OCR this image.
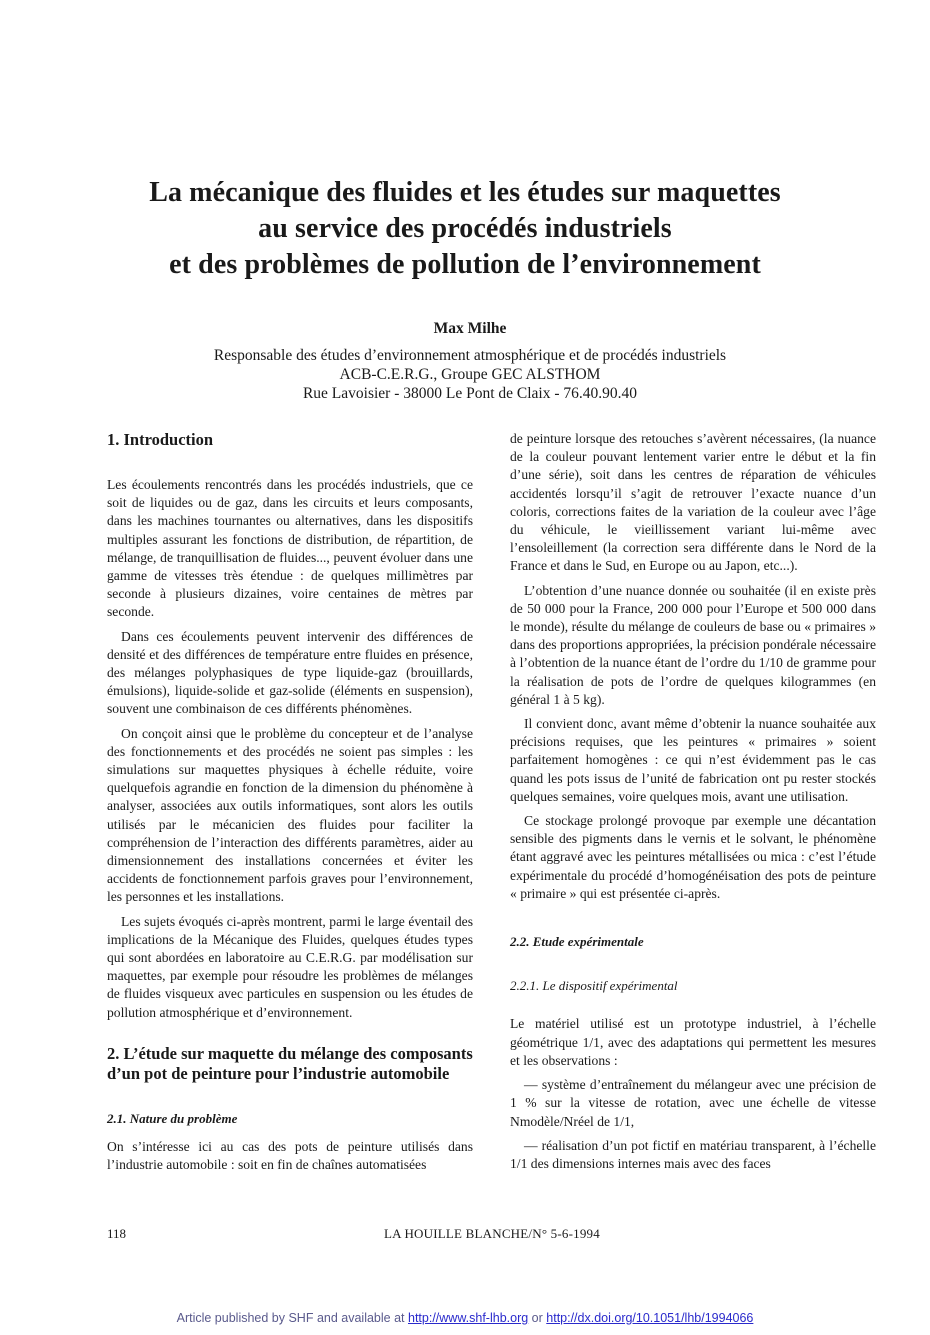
La mécanique des fluides et les études sur maquettes
au service des procédés industriels
et des problèmes de pollution de l’environnement
Max Milhe
Responsable des études d’environnement atmosphérique et de procédés industriels
ACB-C.E.R.G., Groupe GEC ALSTHOM
Rue Lavoisier - 38000 Le Pont de Claix - 76.40.90.40
1. Introduction

Les écoulements rencontrés dans les procédés industriels, que ce soit de liquides ou de gaz, dans les circuits et leurs composants, dans les machines tournantes ou alternatives, dans les dispositifs multiples assurant les fonctions de distribution, de répartition, de mélange, de tranquillisation de fluides..., peuvent évoluer dans une gamme de vitesses très étendue : de quelques millimètres par seconde à plusieurs dizaines, voire centaines de mètres par seconde.

Dans ces écoulements peuvent intervenir des différences de densité et des différences de température entre fluides en présence, des mélanges polyphasiques de type liquide-gaz (brouillards, émulsions), liquide-solide et gaz-solide (éléments en suspension), souvent une combinaison de ces différents phénomènes.

On conçoit ainsi que le problème du concepteur et de l’analyse des fonctionnements et des procédés ne soient pas simples : les simulations sur maquettes physiques à échelle réduite, voire quelquefois agrandie en fonction de la dimension du phénomène à analyser, associées aux outils informatiques, sont alors les outils utilisés par le mécanicien des fluides pour faciliter la compréhension de l’interaction des différents paramètres, aider au dimensionnement des installations concernées et éviter les accidents de fonctionnement parfois graves pour l’environnement, les personnes et les installations.

Les sujets évoqués ci-après montrent, parmi le large éventail des implications de la Mécanique des Fluides, quelques études types qui sont abordées en laboratoire au C.E.R.G. par modélisation sur maquettes, par exemple pour résoudre les problèmes de mélanges de fluides visqueux avec particules en suspension ou les études de pollution atmosphérique et d’environnement.

2. L’étude sur maquette du mélange des composants d’un pot de peinture pour l’industrie automobile
2.1. Nature du problème

On s’intéresse ici au cas des pots de peinture utilisés dans l’industrie automobile : soit en fin de chaînes automatisées

de peinture lorsque des retouches s’avèrent nécessaires, (la nuance de la couleur pouvant lentement varier entre le début et la fin d’une série), soit dans les centres de réparation de véhicules accidentés lorsqu’il s’agit de retrouver l’exacte nuance d’un coloris, corrections faites de la variation de la couleur avec l’âge du véhicule, le vieillissement variant lui-même avec l’ensoleillement (la correction sera différente dans le Nord de la France et dans le Sud, en Europe ou au Japon, etc...).

L’obtention d’une nuance donnée ou souhaitée (il en existe près de 50 000 pour la France, 200 000 pour l’Europe et 500 000 dans le monde), résulte du mélange de couleurs de base ou « primaires » dans des proportions appropriées, la précision pondérale nécessaire à l’obtention de la nuance étant de l’ordre du 1/10 de gramme pour la réalisation de pots de l’ordre de quelques kilogrammes (en général 1 à 5 kg).

Il convient donc, avant même d’obtenir la nuance souhaitée aux précisions requises, que les peintures « primaires » soient parfaitement homogènes : ce qui n’est évidemment pas le cas quand les pots issus de l’unité de fabrication ont pu rester stockés quelques semaines, voire quelques mois, avant une utilisation.

Ce stockage prolongé provoque par exemple une décantation sensible des pigments dans le vernis et le solvant, le phénomène étant aggravé avec les peintures métallisées ou mica : c’est l’étude expérimentale du procédé d’homogénéisation des pots de peinture « primaire » qui est présentée ci-après.

2.2. Etude expérimentale
2.2.1. Le dispositif expérimental

Le matériel utilisé est un prototype industriel, à l’échelle géométrique 1/1, avec des adaptations qui permettent les mesures et les observations :

— système d’entraînement du mélangeur avec une précision de 1 % sur la vitesse de rotation, avec une échelle de vitesse Nmodèle/Nréel de 1/1,

— réalisation d’un pot fictif en matériau transparent, à l’échelle 1/1 des dimensions internes mais avec des faces

118	LA HOUILLE BLANCHE/N° 5-6-1994
Article published by SHF and available at http://www.shf-lhb.org or http://dx.doi.org/10.1051/lhb/1994066
